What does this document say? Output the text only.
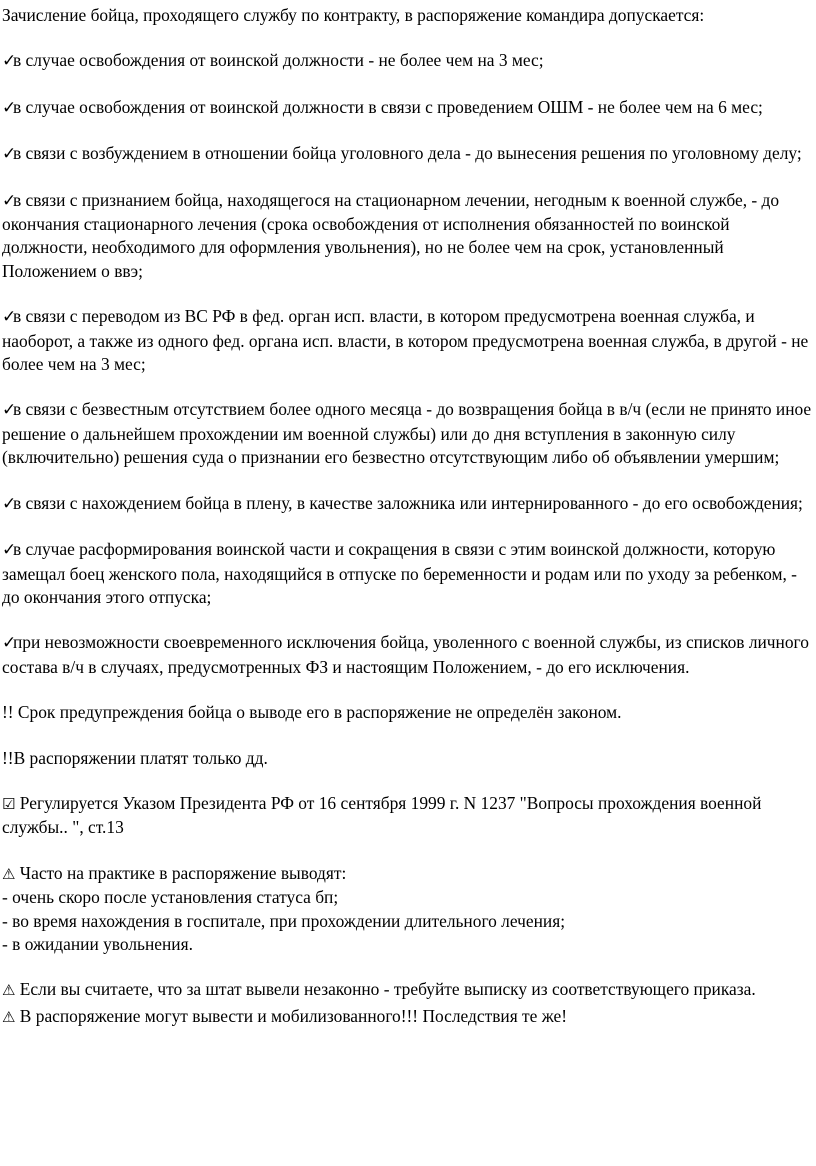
Зачисление бойца, проходящего службу по контракту, в распоряжение командира допускается:

✓в случае освобождения от воинской должности - не более чем на 3 мес;

✓в случае освобождения от воинской должности в связи с проведением ОШМ - не более чем на 6 мес;

✓в связи с возбуждением в отношении бойца уголовного дела - до вынесения решения по уголовному делу;

✓в связи с признанием бойца, находящегося на стационарном лечении, негодным к военной службе, - до окончания стационарного лечения (срока освобождения от исполнения обязанностей по воинской должности, необходимого для оформления увольнения), но не более чем на срок, установленный Положением о ввэ;

✓в связи с переводом из ВС РФ в фед. орган исп. власти, в котором предусмотрена военная служба, и наоборот, а также из одного фед. органа исп. власти, в котором предусмотрена военная служба, в другой - не более чем на 3 мес;

✓в связи с безвестным отсутствием более одного месяца - до возвращения бойца в в/ч (если не принято иное решение о дальнейшем прохождении им военной службы) или до дня вступления в законную силу (включительно) решения суда о признании его безвестно отсутствующим либо об объявлении умершим;

✓в связи с нахождением бойца в плену, в качестве заложника или интернированного - до его освобождения;

✓в случае расформирования воинской части и сокращения в связи с этим воинской должности, которую замещал боец женского пола, находящийся в отпуске по беременности и родам или по уходу за ребенком, - до окончания этого отпуска;

✓при невозможности своевременного исключения бойца, уволенного с военной службы, из списков личного состава в/ч в случаях, предусмотренных ФЗ и настоящим Положением, - до его исключения.

!! Срок предупреждения бойца о выводе его в распоряжение не определён законом.

!!В распоряжении платят только дд.

☑ Регулируется Указом Президента РФ от 16 сентября 1999 г. N 1237 "Вопросы прохождения военной службы.. ", ст.13

⚠ Часто на практике в распоряжение выводят:

- очень скоро после установления статуса бп;
- во время нахождения в госпитале, при прохождении длительного лечения;
- в ожидании увольнения.

⚠ Если вы считаете, что за штат вывели незаконно - требуйте выписку из соответствующего приказа.

⚠ В распоряжение могут вывести и мобилизованного!!! Последствия те же!
